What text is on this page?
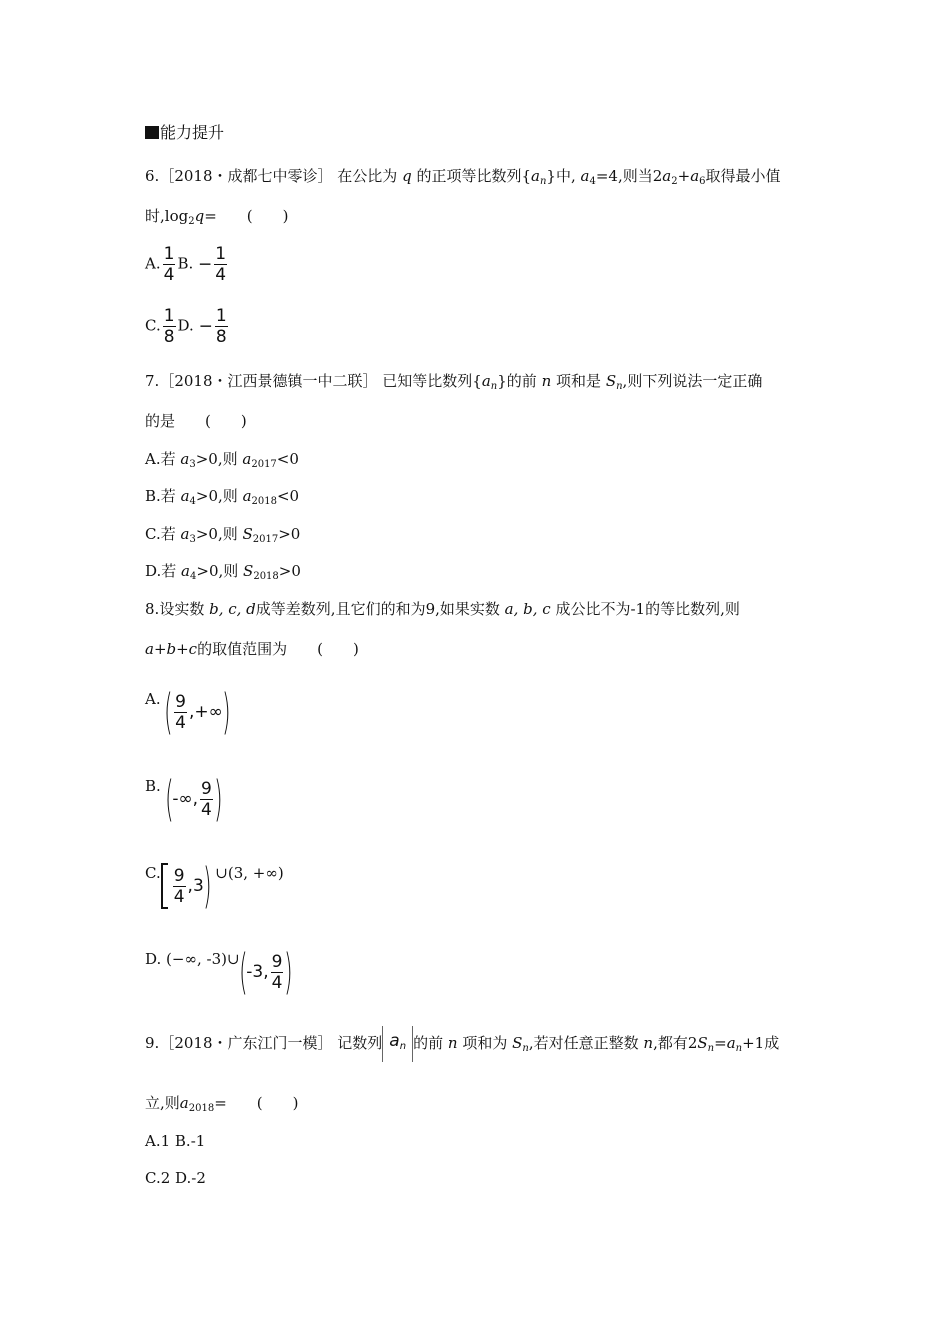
能力提升
6.［2018・成都七中零诊］ 在公比为 q 的正项等比数列$\{a_n\}$中, $a_4=4$,则当$2a_2+a_6$取得最小值
时$,\log_2q=$　　(　　)
A. $\frac{1}{4} B$. − $\frac{1}{4}$
C. $\frac{1}{8} D$. − $\frac{1}{8}$
7.［2018・江西景德镇一中二联］ 已知等比数列$\{a_n\}$的前 n 项和是 $S_n$,则下列说法一定正确
的是　　(　　)
A.若 $a_3>0$,则 $a_{2017}<0$
B.若 $a_4>0$,则 $a_{2018}<0$
C.若 $a_3>0$,则 $S_{2017}>0$
D.若 $a_4>0$,则 $S_{2018}>0$
8.设实数 b, c, d成等差数列,且它们的和为9,如果实数 a, b, c 成公比不为-1的等比数列,则
a+b+c的取值范围为　　(　　)
A. ( $\frac{9}{4}$ ,+∞)
B. (-∞, $\frac{9}{4}$ )
C. $\frac{9}{4} ,3$) ∪(3, +∞)
D. (−∞, -3)∪(-3, $\frac{9}{4}$ )
9.［2018・广东江门一模］ 记数列 $a_n$ 的前 n 项和为 $S_n$,若对任意正整数 n,都有$2S_n=a_n+1$成
立,则$a_{2018}=$　　(　　)
A.1 B.-1
C.2 D.-2
